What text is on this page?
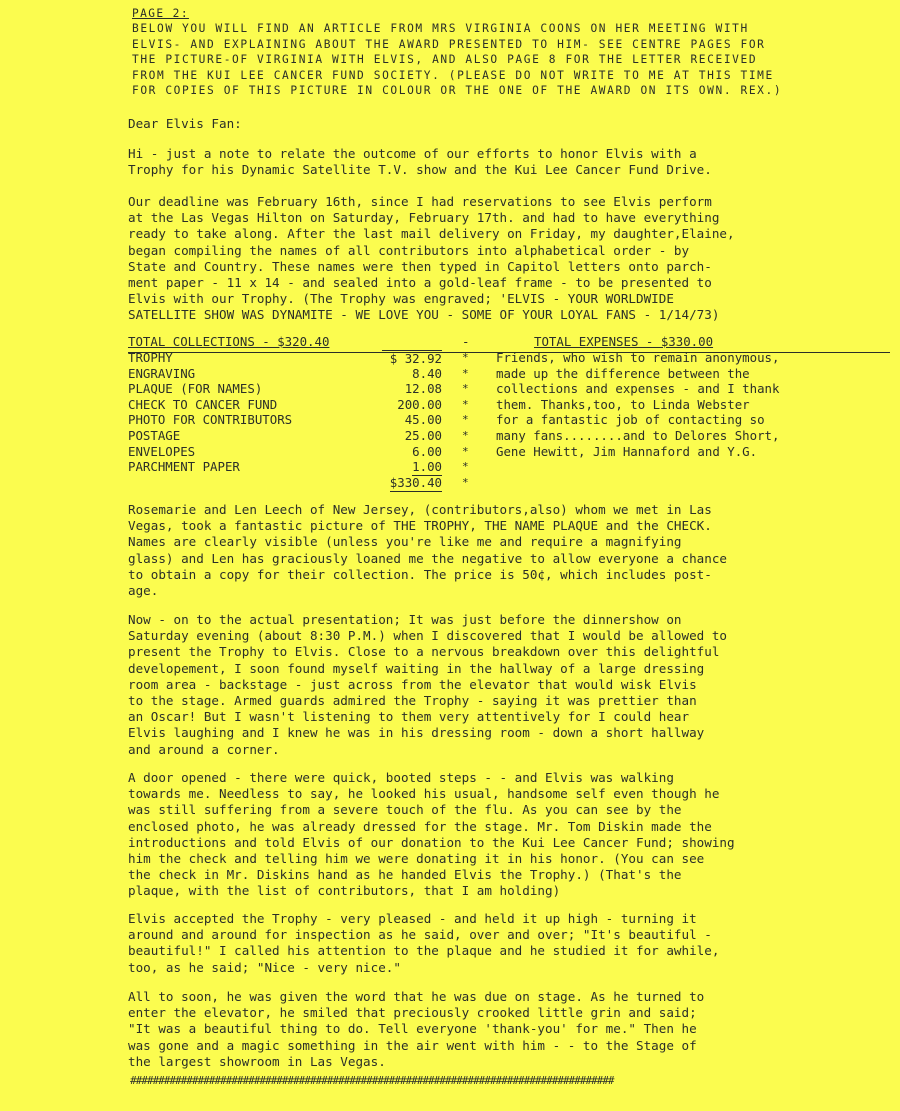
PAGE 2:
BELOW YOU WILL FIND AN ARTICLE FROM MRS VIRGINIA COONS ON HER MEETING WITH
ELVIS- AND EXPLAINING ABOUT THE AWARD PRESENTED TO HIM- SEE CENTRE PAGES FOR
THE PICTURE-OF VIRGINIA WITH ELVIS, AND ALSO PAGE 8 FOR THE LETTER RECEIVED
FROM THE KUI LEE CANCER FUND SOCIETY. (PLEASE DO NOT WRITE TO ME AT THIS TIME
FOR COPIES OF THIS PICTURE IN COLOUR OR THE ONE OF THE AWARD ON ITS OWN. REX.)
Dear Elvis Fan:
Hi - just a note to relate the outcome of our efforts to honor Elvis with a
Trophy for his Dynamic Satellite T.V. show and the Kui Lee Cancer Fund Drive.
Our deadline was February 16th, since I had reservations to see Elvis perform
at the Las Vegas Hilton on Saturday, February 17th. and had to have everything
ready to take along. After the last mail delivery on Friday, my daughter,Elaine,
began compiling the names of all contributors into alphabetical order - by
State and Country. These names were then typed in Capitol letters onto parch-
ment paper - 11 x 14 - and sealed into a gold-leaf frame - to be presented to
Elvis with our Trophy. (The Trophy was engraved; 'ELVIS - YOUR WORLDWIDE
SATELLITE SHOW WAS DYNAMITE - WE LOVE YOU - SOME OF YOUR LOYAL FANS - 1/14/73)
TOTAL COLLECTIONS - $320.40	-	TOTAL EXPENSES - $330.00
TROPHY	$ 32.92 * Friends, who wish to remain anonymous,
ENGRAVING	8.40 * made up the difference between the
PLAQUE (FOR NAMES)	12.08 * collections and expenses - and I thank
CHECK TO CANCER FUND	200.00 * them. Thanks,too, to Linda Webster
PHOTO FOR CONTRIBUTORS	45.00 * for a fantastic job of contacting so
POSTAGE	25.00 * many fans........and to Delores Short,
ENVELOPES	6.00 * Gene Hewitt, Jim Hannaford and Y.G.
PARCHMENT PAPER	1.00 *
$330.40 *
Rosemarie and Len Leech of New Jersey, (contributors,also) whom we met in Las
Vegas, took a fantastic picture of THE TROPHY, THE NAME PLAQUE and the CHECK.
Names are clearly visible (unless you're like me and require a magnifying
glass) and Len has graciously loaned me the negative to allow everyone a chance
to obtain a copy for their collection. The price is 50¢, which includes post-
age.
Now - on to the actual presentation; It was just before the dinnershow on
Saturday evening (about 8:30 P.M.) when I discovered that I would be allowed to
present the Trophy to Elvis. Close to a nervous breakdown over this delightful
developement, I soon found myself waiting in the hallway of a large dressing
room area - backstage - just across from the elevator that would wisk Elvis
to the stage. Armed guards admired the Trophy - saying it was prettier than
an Oscar! But I wasn't listening to them very attentively for I could hear
Elvis laughing and I knew he was in his dressing room - down a short hallway
and around a corner.
A door opened - there were quick, booted steps - - and Elvis was walking
towards me. Needless to say, he looked his usual, handsome self even though he
was still suffering from a severe touch of the flu. As you can see by the
enclosed photo, he was already dressed for the stage. Mr. Tom Diskin made the
introductions and told Elvis of our donation to the Kui Lee Cancer Fund; showing
him the check and telling him we were donating it in his honor. (You can see
the check in Mr. Diskins hand as he handed Elvis the Trophy.) (That's the
plaque, with the list of contributors, that I am holding)
Elvis accepted the Trophy - very pleased - and held it up high - turning it
around and around for inspection as he said, over and over; "It's beautiful -
beautiful!" I called his attention to the plaque and he studied it for awhile,
too, as he said; "Nice - very nice."
All to soon, he was given the word that he was due on stage. As he turned to
enter the elevator, he smiled that preciously crooked little grin and said;
"It was a beautiful thing to do. Tell everyone 'thank-you' for me." Then he
was gone and a magic something in the air went with him - - to the Stage of
the largest showroom in Las Vegas.
######################################################################################
